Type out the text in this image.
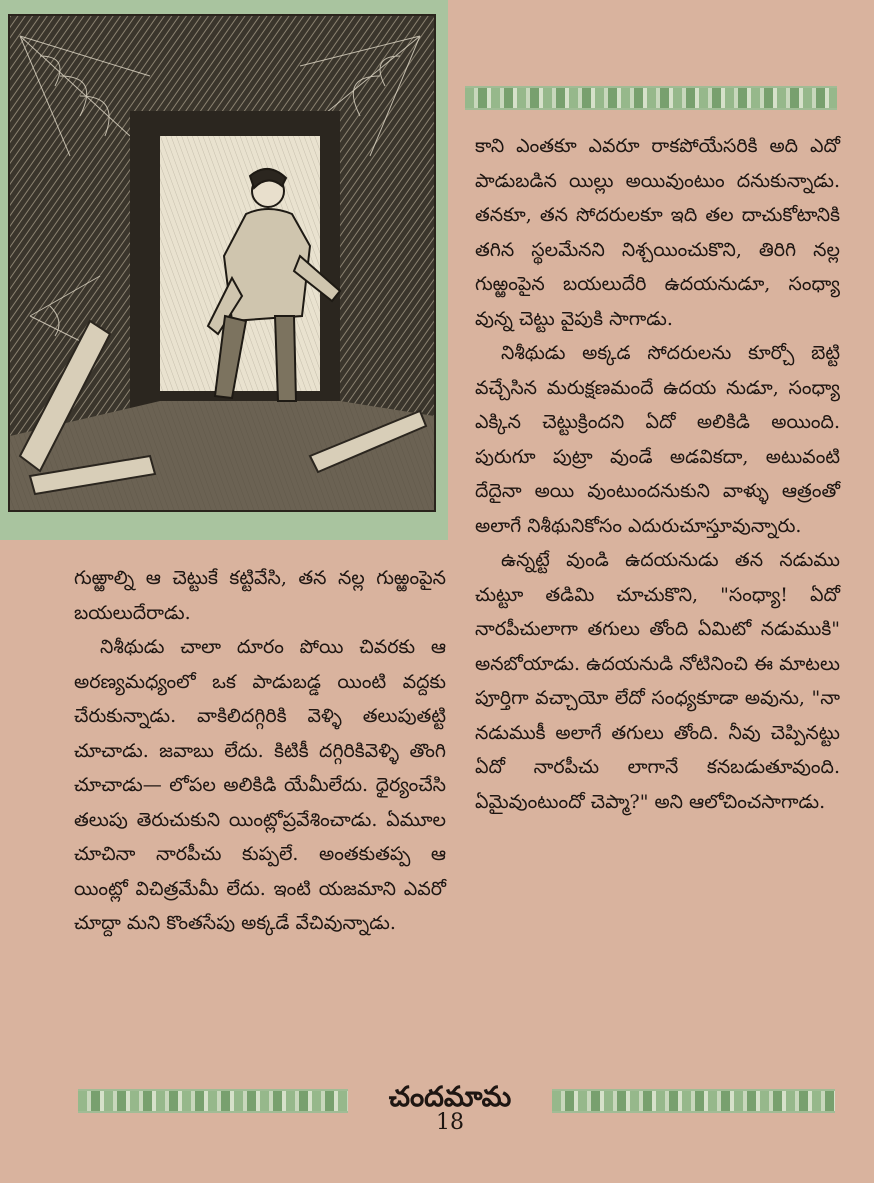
కాని ఎంతకూ ఎవరూ రాకపోయేసరికి అది ఎదో పాడుబడిన యిల్లు అయివుంటుం దనుకున్నాడు. తనకూ, తన సోదరులకూ ఇది తల దాచుకోటానికి తగిన స్థలమేనని నిశ్చయించుకొని, తిరిగి నల్ల గుఱ్ఱంపైన బయలుదేరి ఉదయనుడూ, సంధ్యా వున్న చెట్టు వైపుకి సాగాడు.

నిశీథుడు అక్కడ సోదరులను కూర్చో బెట్టి వచ్చేసిన మరుక్షణమందే ఉదయ నుడూ, సంధ్యా ఎక్కిన చెట్టుక్రిందని ఏదో అలికిడి అయింది. పురుగూ పుట్రా వుండే అడవికదా, అటువంటి దేదైనా అయి వుంటుందనుకుని వాళ్ళు ఆత్రంతో అలాగే నిశీథునికోసం ఎదురుచూస్తూవున్నారు.

ఉన్నట్టే వుండి ఉదయనుడు తన నడుము చుట్టూ తడిమి చూచుకొని, "సంధ్యా! ఏదో నారపీచులాగా తగులు తోంది ఏమిటో నడుముకి" అనబోయాడు. ఉదయనుడి నోటినించి ఈ మాటలు పూర్తిగా వచ్చాయో లేదో సంధ్యకూడా అవును, "నా నడుముకీ అలాగే తగులు తోంది. నీవు చెప్పినట్టు ఏదో నారపీచు లాగానే కనబడుతూవుంది. ఏమైవుంటుందో చెప్మా?" అని ఆలోచించసాగాడు.

గుఱ్ఱాల్ని ఆ చెట్టుకే కట్టివేసి, తన నల్ల గుఱ్ఱంపైన బయలుదేరాడు.

నిశీథుడు చాలా దూరం పోయి చివరకు ఆ అరణ్యమధ్యంలో ఒక పాడుబడ్డ యింటి వద్దకు చేరుకున్నాడు. వాకిలిదగ్గిరికి వెళ్ళి తలుపుతట్టి చూచాడు. జవాబు లేదు. కిటికీ దగ్గిరికివెళ్ళి తొంగి చూచాడు— లోపల అలికిడి యేమీలేదు. ధైర్యంచేసి తలుపు తెరుచుకుని యింట్లోప్రవేశించాడు. ఏమూల చూచినా నారపీచు కుప్పలే. అంతకుతప్ప ఆ యింట్లో విచిత్రమేమీ లేదు. ఇంటి యజమాని ఎవరో చూద్దా మని కొంతసేపు అక్కడే వేచివున్నాడు.

చందమామ
18
